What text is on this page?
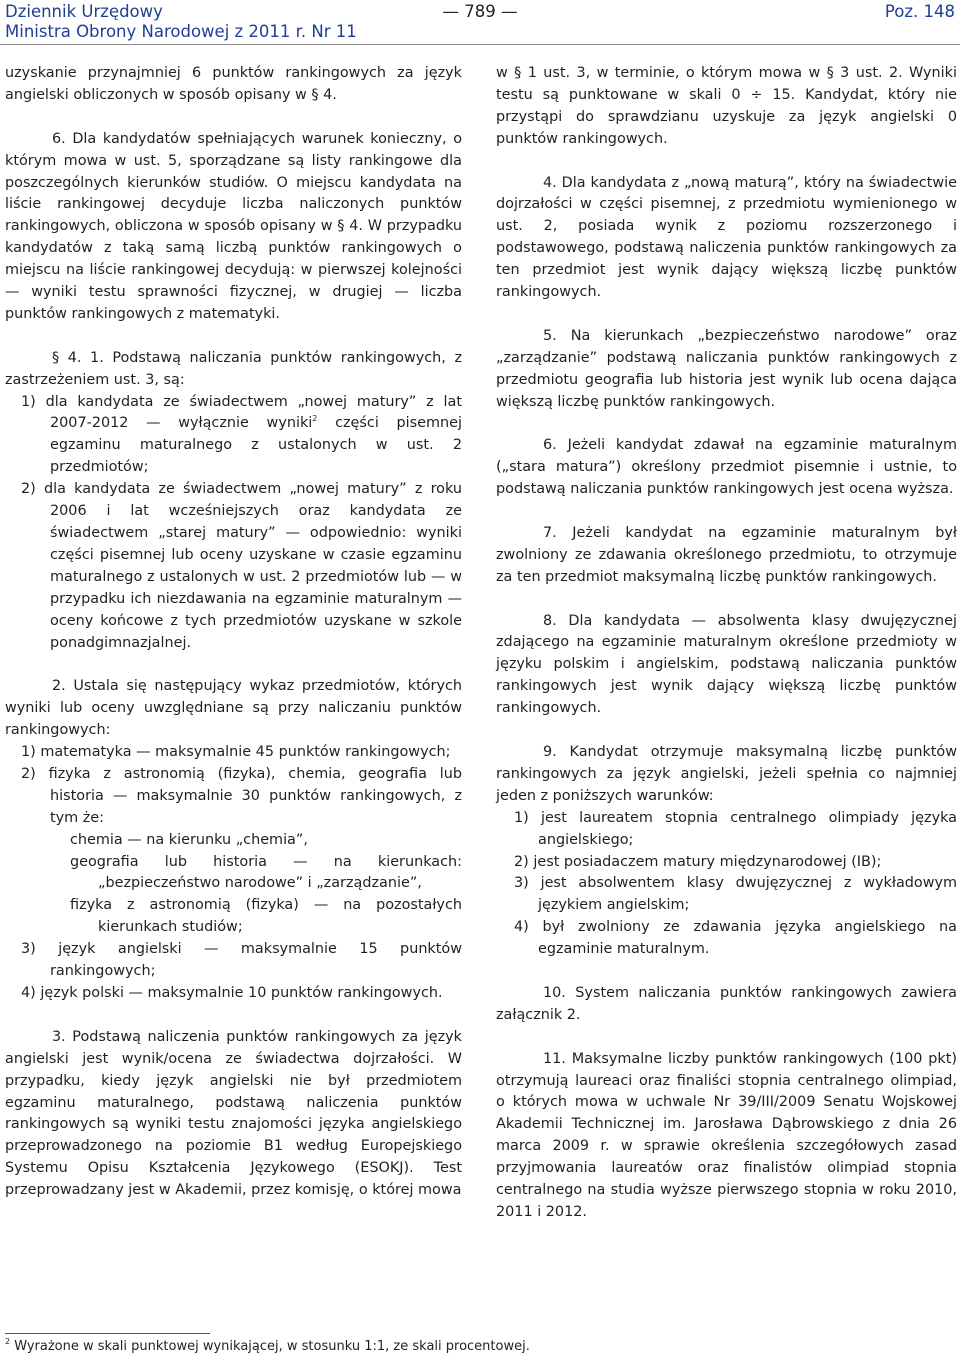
Dziennik Urzędowy
Ministra Obrony Narodowej z 2011 r. Nr 11
— 789 —	Poz. 148

uzyskanie przynajmniej 6 punktów rankingowych za język angielski obliczonych w sposób opisany w § 4.

6. Dla kandydatów spełniających warunek konieczny, o którym mowa w ust. 5, sporządzane są listy rankingowe dla poszczególnych kierunków studiów. O miejscu kandydata na liście rankingowej decyduje liczba naliczonych punktów rankingowych, obliczona w sposób opisany w § 4. W przypadku kandydatów z taką samą liczbą punktów rankingowych o miejscu na liście rankingowej decydują: w pierwszej kolejności — wyniki testu sprawności fizycznej, w drugiej — liczba punktów rankingowych z matematyki.

§ 4. 1. Podstawą naliczania punktów rankingowych, z zastrzeżeniem ust. 3, są:

1) dla kandydata ze świadectwem „nowej matury” z lat 2007-2012 — wyłącznie wyniki$^2$ części pisemnej egzaminu maturalnego z ustalonych w ust. 2 przedmiotów;

2) dla kandydata ze świadectwem „nowej matury” z roku 2006 i lat wcześniejszych oraz kandydata ze świadectwem „starej matury” — odpowiednio: wyniki części pisemnej lub oceny uzyskane w czasie egzaminu maturalnego z ustalonych w ust. 2 przedmiotów lub — w przypadku ich niezdawania na egzaminie maturalnym — oceny końcowe z tych przedmiotów uzyskane w szkole ponadgimnazjalnej.

2. Ustala się następujący wykaz przedmiotów, których wyniki lub oceny uwzględniane są przy naliczaniu punktów rankingowych:

1) matematyka — maksymalnie 45 punktów rankingowych;

2) fizyka z astronomią (fizyka), chemia, geografia lub historia — maksymalnie 30 punktów rankingowych, z tym że:

chemia — na kierunku „chemia”,

geografia lub historia — na kierunkach: „bezpieczeństwo narodowe” i „zarządzanie”,

fizyka z astronomią (fizyka) — na pozostałych kierunkach studiów;

3) język angielski — maksymalnie 15 punktów rankingowych;

4) język polski — maksymalnie 10 punktów rankingowych.

3. Podstawą naliczenia punktów rankingowych za język angielski jest wynik/ocena ze świadectwa dojrzałości. W przypadku, kiedy język angielski nie był przedmiotem egzaminu maturalnego, podstawą naliczenia punktów rankingowych są wyniki testu znajomości języka angielskiego przeprowadzonego na poziomie B1 według Europejskiego Systemu Opisu Kształcenia Językowego (ESOKJ). Test przeprowadzany jest w Akademii, przez komisję, o której mowa

w § 1 ust. 3, w terminie, o którym mowa w § 3 ust. 2. Wyniki testu są punktowane w skali 0 ÷ 15. Kandydat, który nie przystąpi do sprawdzianu uzyskuje za język angielski 0 punktów rankingowych.

4. Dla kandydata z „nową maturą”, który na świadectwie dojrzałości w części pisemnej, z przedmiotu wymienionego w ust. 2, posiada wynik z poziomu rozszerzonego i podstawowego, podstawą naliczenia punktów rankingowych za ten przedmiot jest wynik dający większą liczbę punktów rankingowych.

5. Na kierunkach „bezpieczeństwo narodowe” oraz „zarządzanie” podstawą naliczania punktów rankingowych z przedmiotu geografia lub historia jest wynik lub ocena dająca większą liczbę punktów rankingowych.

6. Jeżeli kandydat zdawał na egzaminie maturalnym („stara matura”) określony przedmiot pisemnie i ustnie, to podstawą naliczania punktów rankingowych jest ocena wyższa.

7. Jeżeli kandydat na egzaminie maturalnym był zwolniony ze zdawania określonego przedmiotu, to otrzymuje za ten przedmiot maksymalną liczbę punktów rankingowych.

8. Dla kandydata — absolwenta klasy dwujęzycznej zdającego na egzaminie maturalnym określone przedmioty w języku polskim i angielskim, podstawą naliczania punktów rankingowych jest wynik dający większą liczbę punktów rankingowych.

9. Kandydat otrzymuje maksymalną liczbę punktów rankingowych za język angielski, jeżeli spełnia co najmniej jeden z poniższych warunków:

1) jest laureatem stopnia centralnego olimpiady języka angielskiego;

2) jest posiadaczem matury międzynarodowej (IB);

3) jest absolwentem klasy dwujęzycznej z wykładowym językiem angielskim;

4) był zwolniony ze zdawania języka angielskiego na egzaminie maturalnym.

10. System naliczania punktów rankingowych zawiera załącznik 2.

11. Maksymalne liczby punktów rankingowych (100 pkt) otrzymują laureaci oraz finaliści stopnia centralnego olimpiad, o których mowa w uchwale Nr 39/III/2009 Senatu Wojskowej Akademii Technicznej im. Jarosława Dąbrowskiego z dnia 26 marca 2009 r. w sprawie określenia szczegółowych zasad przyjmowania laureatów oraz finalistów olimpiad stopnia centralnego na studia wyższe pierwszego stopnia w roku 2010, 2011 i 2012.

$^2$ Wyrażone w skali punktowej wynikającej, w stosunku 1:1, ze skali procentowej.
